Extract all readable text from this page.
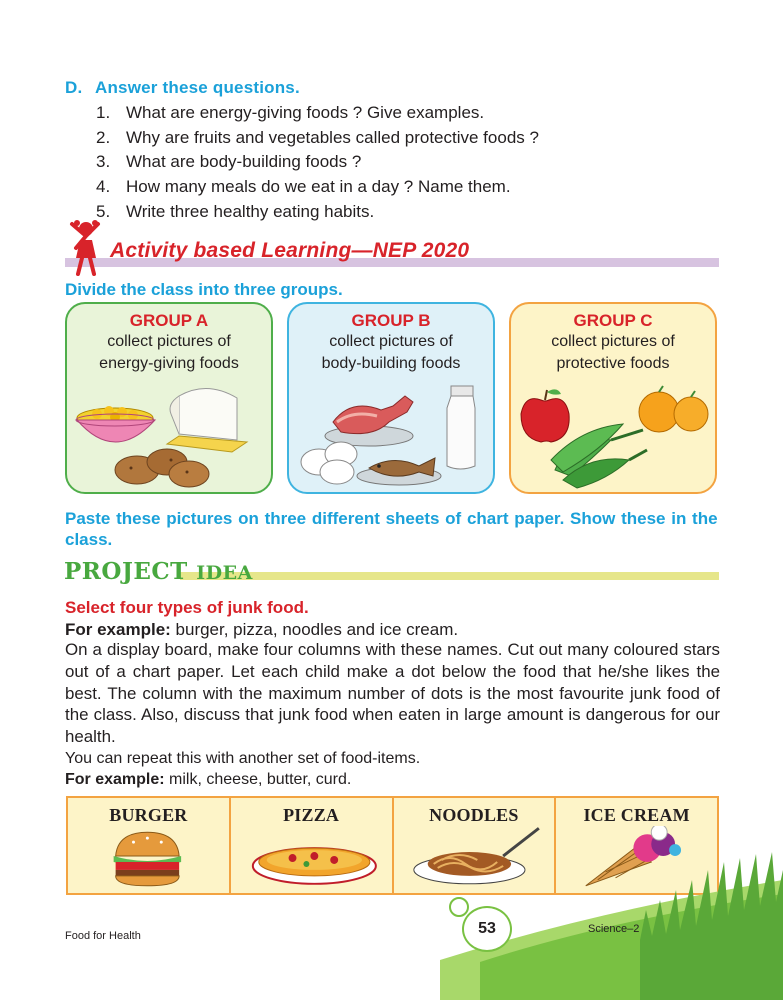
D. Answer these questions.
1. What are energy-giving foods ? Give examples.
2. Why are fruits and vegetables called protective foods ?
3. What are body-building foods ?
4. How many meals do we eat in a day ? Name them.
5. Write three healthy eating habits.
Activity based Learning—NEP 2020
Divide the class into three groups.
GROUP A
collect pictures of
energy-giving foods
GROUP B
collect pictures of
body-building foods
GROUP C
collect pictures of
protective foods
Paste these pictures on three different sheets of chart paper. Show these in the class.
PROJECT IDEA
Select four types of junk food.
For example: burger, pizza, noodles and ice cream.
On a display board, make four columns with these names. Cut out many coloured stars out of a chart paper. Let each child make a dot below the food that he/she likes the best. The column with the maximum number of dots is the most favourite junk food of the class. Also, discuss that junk food when eaten in large amount is dangerous for our health.
You can repeat this with another set of food-items.
For example: milk, cheese, butter, curd.
BURGER	PIZZA	NOODLES	ICE CREAM
53
Food for Health
Science–2
